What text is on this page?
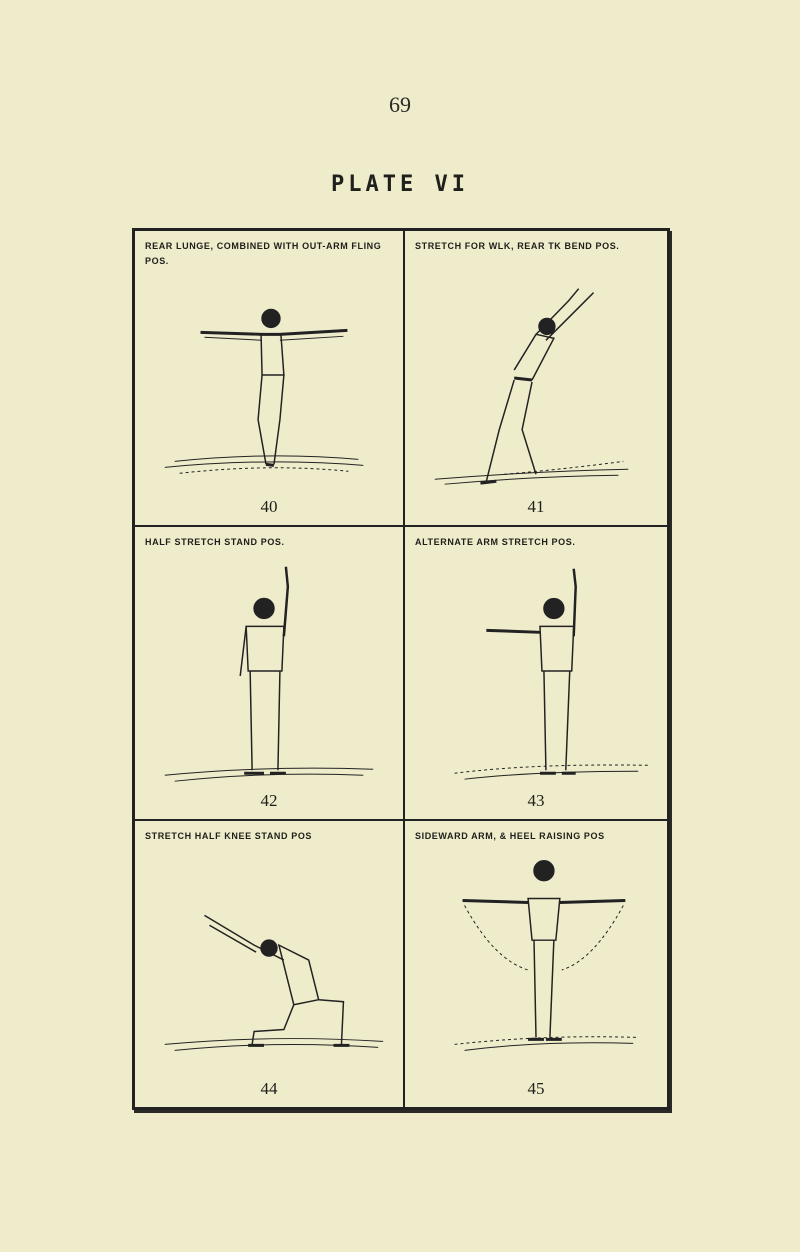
69
PLATE VI
REAR LUNGE, COMBINED WITH OUT-ARM FLING POS.
40
STRETCH FOR WLK, REAR TK BEND POS.
41
HALF STRETCH STAND POS.
42
ALTERNATE ARM STRETCH POS.
43
STRETCH HALF KNEE STAND POS
44
SIDEWARD ARM, & HEEL RAISING POS
45
